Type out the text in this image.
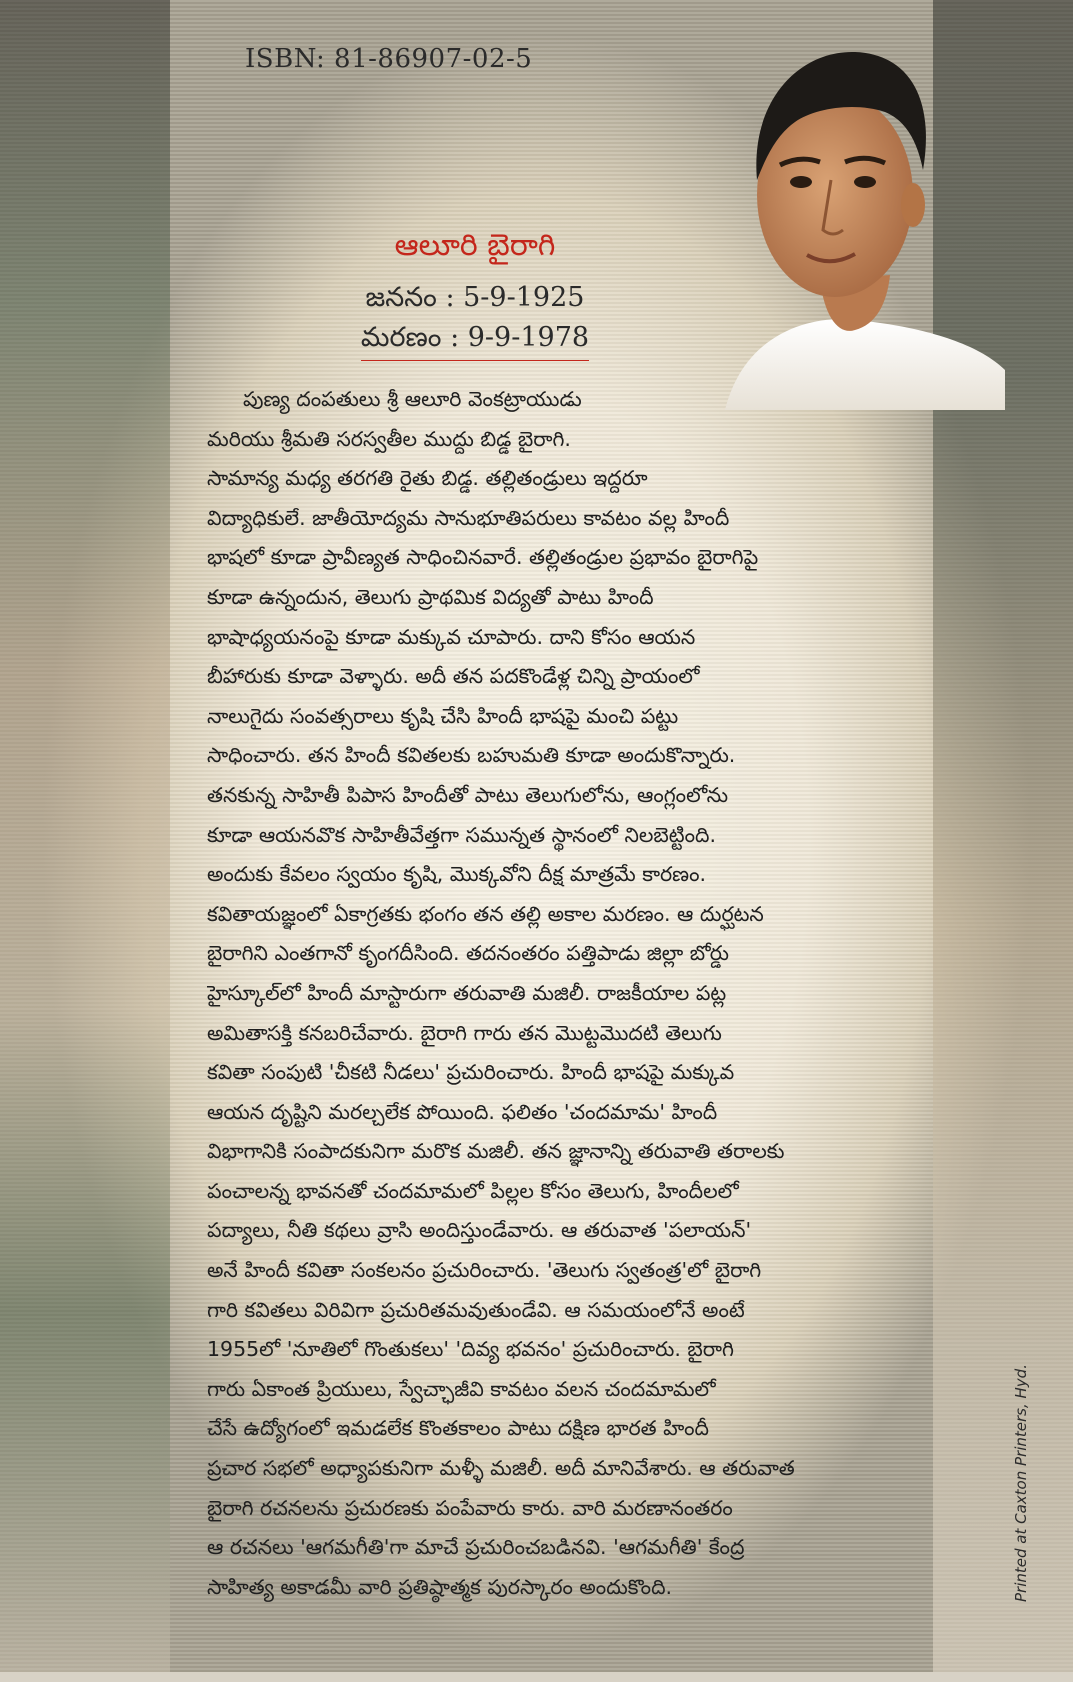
ISBN: 81-86907-02-5
ఆలూరి బైరాగి
జననం : 5-9-1925
మరణం : 9-9-1978
పుణ్య దంపతులు శ్రీ ఆలూరి వెంకట్రాయుడు
మరియు శ్రీమతి సరస్వతీల ముద్దు బిడ్డ బైరాగి.
సామాన్య మధ్య తరగతి రైతు బిడ్డ. తల్లితండ్రులు ఇద్దరూ
విద్యాధికులే. జాతీయోద్యమ సానుభూతిపరులు కావటం వల్ల హిందీ
భాషలో కూడా ప్రావీణ్యత సాధించినవారే. తల్లితండ్రుల ప్రభావం బైరాగిపై
కూడా ఉన్నందున, తెలుగు ప్రాథమిక విద్యతో పాటు హిందీ
భాషాధ్యయనంపై కూడా మక్కువ చూపారు. దాని కోసం ఆయన
బీహారుకు కూడా వెళ్ళారు. అదీ తన పదకొండేళ్ల చిన్ని ప్రాయంలో
నాలుగైదు సంవత్సరాలు కృషి చేసి హిందీ భాషపై మంచి పట్టు
సాధించారు. తన హిందీ కవితలకు బహుమతి కూడా అందుకొన్నారు.
తనకున్న సాహితీ పిపాస హిందీతో పాటు తెలుగులోను, ఆంగ్లంలోను
కూడా ఆయనవొక సాహితీవేత్తగా సమున్నత స్థానంలో నిలబెట్టింది.
అందుకు కేవలం స్వయం కృషి, మొక్కవోని దీక్ష మాత్రమే కారణం.
కవితాయజ్ఞంలో ఏకాగ్రతకు భంగం తన తల్లి అకాల మరణం. ఆ దుర్ఘటన
బైరాగిని ఎంతగానో కృంగదీసింది. తదనంతరం పత్తిపాడు జిల్లా బోర్డు
హైస్కూల్‌లో హిందీ మాస్టారుగా తరువాతి మజిలీ. రాజకీయాల పట్ల
అమితాసక్తి కనబరిచేవారు. బైరాగి గారు తన మొట్టమొదటి తెలుగు
కవితా సంపుటి 'చీకటి నీడలు' ప్రచురించారు. హిందీ భాషపై మక్కువ
ఆయన దృష్టిని మరల్చలేక పోయింది. ఫలితం 'చందమామ' హిందీ
విభాగానికి సంపాదకునిగా మరొక మజిలీ. తన జ్ఞానాన్ని తరువాతి తరాలకు
పంచాలన్న భావనతో చందమామలో పిల్లల కోసం తెలుగు, హిందీలలో
పద్యాలు, నీతి కథలు వ్రాసి అందిస్తుండేవారు. ఆ తరువాత 'పలాయన్'
అనే హిందీ కవితా సంకలనం ప్రచురించారు. 'తెలుగు స్వతంత్ర'లో బైరాగి
గారి కవితలు విరివిగా ప్రచురితమవుతుండేవి. ఆ సమయంలోనే అంటే
1955లో 'నూతిలో గొంతుకలు' 'దివ్య భవనం' ప్రచురించారు. బైరాగి
గారు ఏకాంత ప్రియులు, స్వేచ్ఛాజీవి కావటం వలన చందమామలో
చేసే ఉద్యోగంలో ఇమడలేక కొంతకాలం పాటు దక్షిణ భారత హిందీ
ప్రచార సభలో అధ్యాపకునిగా మళ్ళీ మజిలీ. అదీ మానివేశారు. ఆ తరువాత
బైరాగి రచనలను ప్రచురణకు పంపేవారు కారు. వారి మరణానంతరం
ఆ రచనలు 'ఆగమగీతి'గా మాచే ప్రచురించబడినవి. 'ఆగమగీతి' కేంద్ర
సాహిత్య అకాడమీ వారి ప్రతిష్ఠాత్మక పురస్కారం అందుకొంది.	Printed at Caxton Printers, Hyd.
